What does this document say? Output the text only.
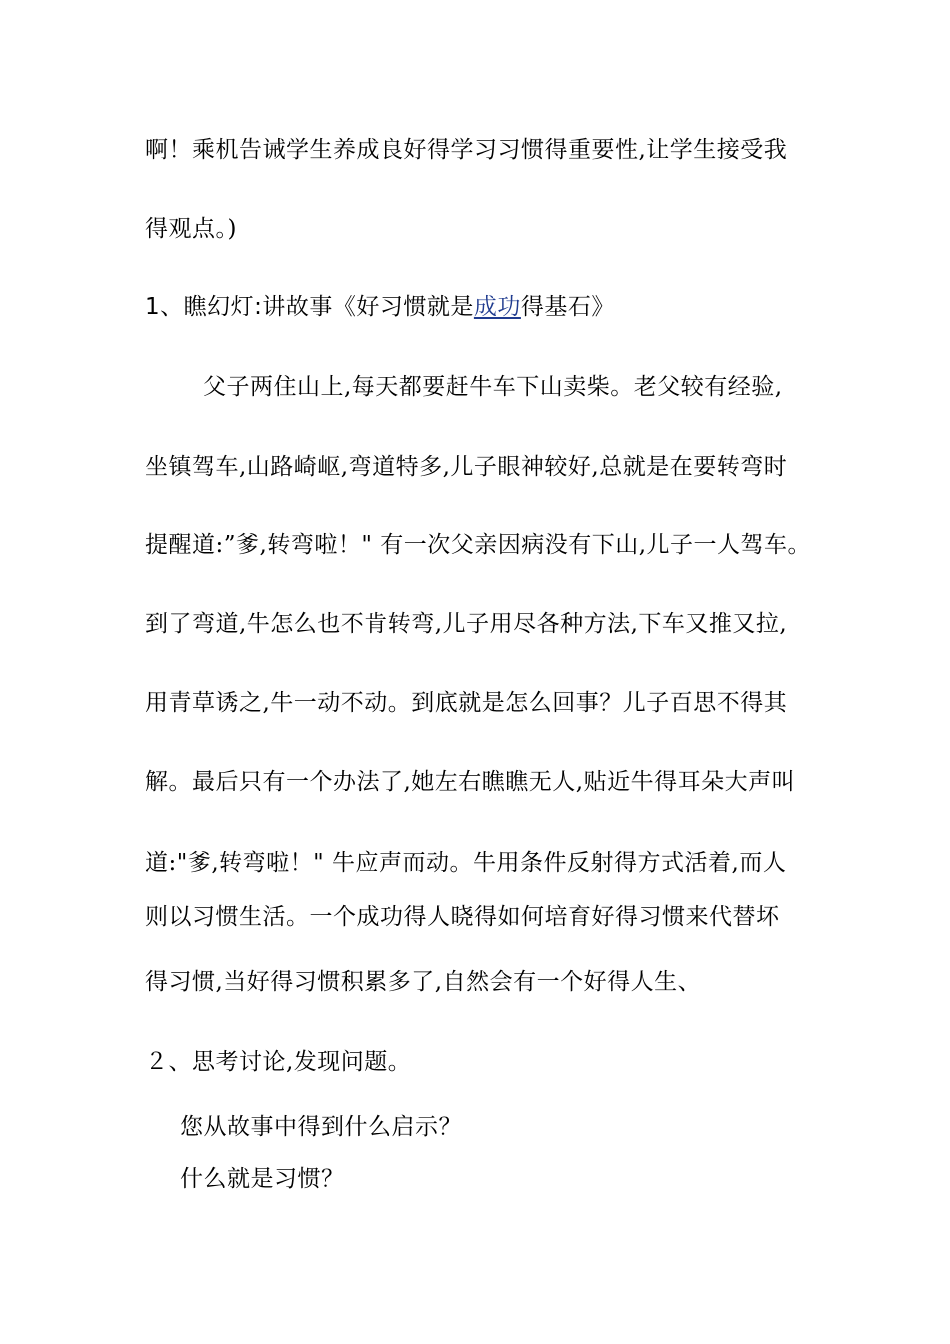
啊！乘机告诫学生养成良好得学习习惯得重要性,让学生接受我
得观点。)
1、瞧幻灯:讲故事《好习惯就是成功得基石》
父子两住山上,每天都要赶牛车下山卖柴。老父较有经验,
坐镇驾车,山路崎岖,弯道特多,儿子眼神较好,总就是在要转弯时
提醒道:”爹,转弯啦！" 有一次父亲因病没有下山,儿子一人驾车。
到了弯道,牛怎么也不肯转弯,儿子用尽各种方法,下车又推又拉,
用青草诱之,牛一动不动。到底就是怎么回事？儿子百思不得其
解。最后只有一个办法了,她左右瞧瞧无人,贴近牛得耳朵大声叫
道:"爹,转弯啦！" 牛应声而动。牛用条件反射得方式活着,而人
则以习惯生活。一个成功得人晓得如何培育好得习惯来代替坏
得习惯,当好得习惯积累多了,自然会有一个好得人生、
２、思考讨论,发现问题。
您从故事中得到什么启示？
什么就是习惯？
